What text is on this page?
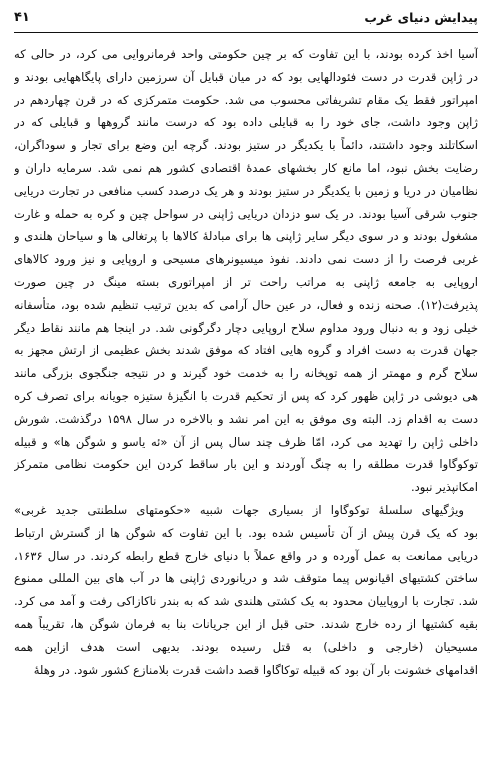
پیدایش دنیای غرب
۴۱
آسیا اخذ کرده بودند، با این تفاوت که بر چین حکومتی واحد فرمانروایی می کرد، در حالی که
در ژاپن قدرت در دست فئودالهایی بود که در میان قبایل آن سرزمین دارای پایگاههایی بودند و
امپراتور فقط یک مقام تشریفاتی محسوب می شد. حکومت متمرکزی که در قرن چهاردهم در
ژاپن وجود داشت، جای خود را به قبایلی داده بود که درست مانند گروهها و قبایلی که در
اسکاتلند وجود داشتند، دائماً با یکدیگر در ستیز بودند. گرچه این وضع برای تجار و سوداگران،
رضایت بخش نبود، اما مانع کار بخشهای عمدهٔ اقتصادی کشور هم نمی شد. سرمایه داران و
نظامیان در دریا و زمین با یکدیگر در ستیز بودند و هر یک درصدد کسب منافعی در تجارت دریایی
جنوب شرقی آسیا بودند. در یک سو دزدان دریایی ژاپنی در سواحل چین و کره به حمله و غارت
مشغول بودند و در سوی دیگر سایر ژاپنی ها برای مبادلهٔ کالاها با پرتغالی ها و سیاحان هلندی و
غربی فرصت را از دست نمی دادند. نفوذ میسیونرهای مسیحی و اروپایی و نیز ورود کالاهای
اروپایی به جامعه ژاپنی به مراتب راحت تر از امپراتوری بسته مینگ در چین صورت
پذیرفت(۱۲). صحنه زنده و فعال، در عین حال آرامی که بدین ترتیب تنظیم شده بود، متأسفانه
خیلی زود و به دنبال ورود مداوم سلاح اروپایی دچار دگرگونی شد. در اینجا هم مانند نقاط دیگر
جهان قدرت به دست افراد و گروه هایی افتاد که موفق شدند بخش عظیمی از ارتش مجهز به
سلاح گرم و مهمتر از همه توپخانه را به خدمت خود گیرند و در نتیجه جنگجوی بزرگی مانند
هی دیوشی در ژاپن ظهور کرد که پس از تحکیم قدرت با انگیزهٔ ستیزه جویانه برای تصرف کره
دست به اقدام زد. البته وی موفق به این امر نشد و بالاخره در سال ۱۵۹۸ درگذشت. شورش
داخلی ژاپن را تهدید می کرد، امّا ظرف چند سال پس از آن «ئه یاسو و شوگن ها» و قبیله
توکوگاوا قدرت مطلقه را به چنگ آوردند و این بار ساقط کردن این حکومت نظامی متمرکز
امکانپذیر نبود.
ویژگیهای سلسلهٔ توکوگاوا از بسیاری جهات شبیه «حکومتهای سلطنتی جدید غربی»
بود که یک قرن پیش از آن تأسیس شده بود. با این تفاوت که شوگن ها از گسترش ارتباط
دریایی ممانعت به عمل آورده و در واقع عملاً با دنیای خارج قطع رابطه کردند. در سال ۱۶۳۶،
ساختن کشتیهای اقیانوس پیما متوقف شد و دریانوردی ژاپنی ها در آب های بین المللی ممنوع
شد. تجارت با اروپاییان محدود به یک کشتی هلندی شد که به بندر ناکازاکی رفت و آمد می کرد.
بقیه کشتیها از رده خارج شدند. حتی قبل از این جریانات بنا به فرمان شوگن ها، تقریباً همه
مسیحیان (خارجی و داخلی) به قتل رسیده بودند. بدیهی است هدف ازاین همه
اقدامهای خشونت بار آن بود که قبیله توکاگاوا قصد داشت قدرت بلامنازع کشور شود. در وهلهٔ
